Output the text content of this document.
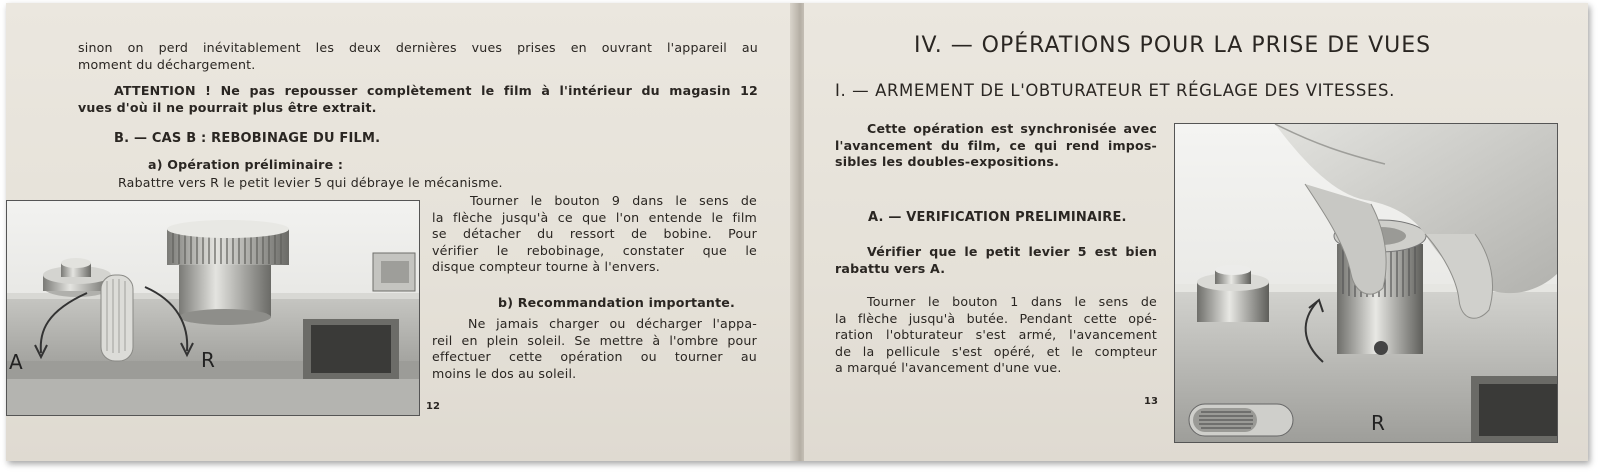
sinon on perd inévitablement les deux dernières vues prises en ouvrant l'appareil au
moment du déchargement.
ATTENTION ! Ne pas repousser complètement le film à l'intérieur du magasin 12
vues d'où il ne pourrait plus être extrait.
B. — CAS B : REBOBINAGE DU FILM.
a) Opération préliminaire :
Rabattre vers R le petit levier 5 qui débraye le mécanisme.
Tourner le bouton 9 dans le sens de
la flèche jusqu'à ce que l'on entende le film
se détacher du ressort de bobine. Pour
vérifier le rebobinage, constater que le
disque compteur tourne à l'envers.
b) Recommandation importante.
Ne jamais charger ou décharger l'appa-
reil en plein soleil. Se mettre à l'ombre pour
effectuer cette opération ou tourner au
moins le dos au soleil.
12
A	R
IV. — OPÉRATIONS POUR LA PRISE DE VUES
I. — ARMEMENT DE L'OBTURATEUR ET RÉGLAGE DES VITESSES.
Cette opération est synchronisée avec
l'avancement du film, ce qui rend impos-
sibles les doubles-expositions.
A. — VERIFICATION PRELIMINAIRE.
Vérifier que le petit levier 5 est bien
rabattu vers A.
Tourner le bouton 1 dans le sens de
la flèche jusqu'à butée. Pendant cette opé-
ration l'obturateur s'est armé, l'avancement
de la pellicule s'est opéré, et le compteur
a marqué l'avancement d'une vue.
13
R
